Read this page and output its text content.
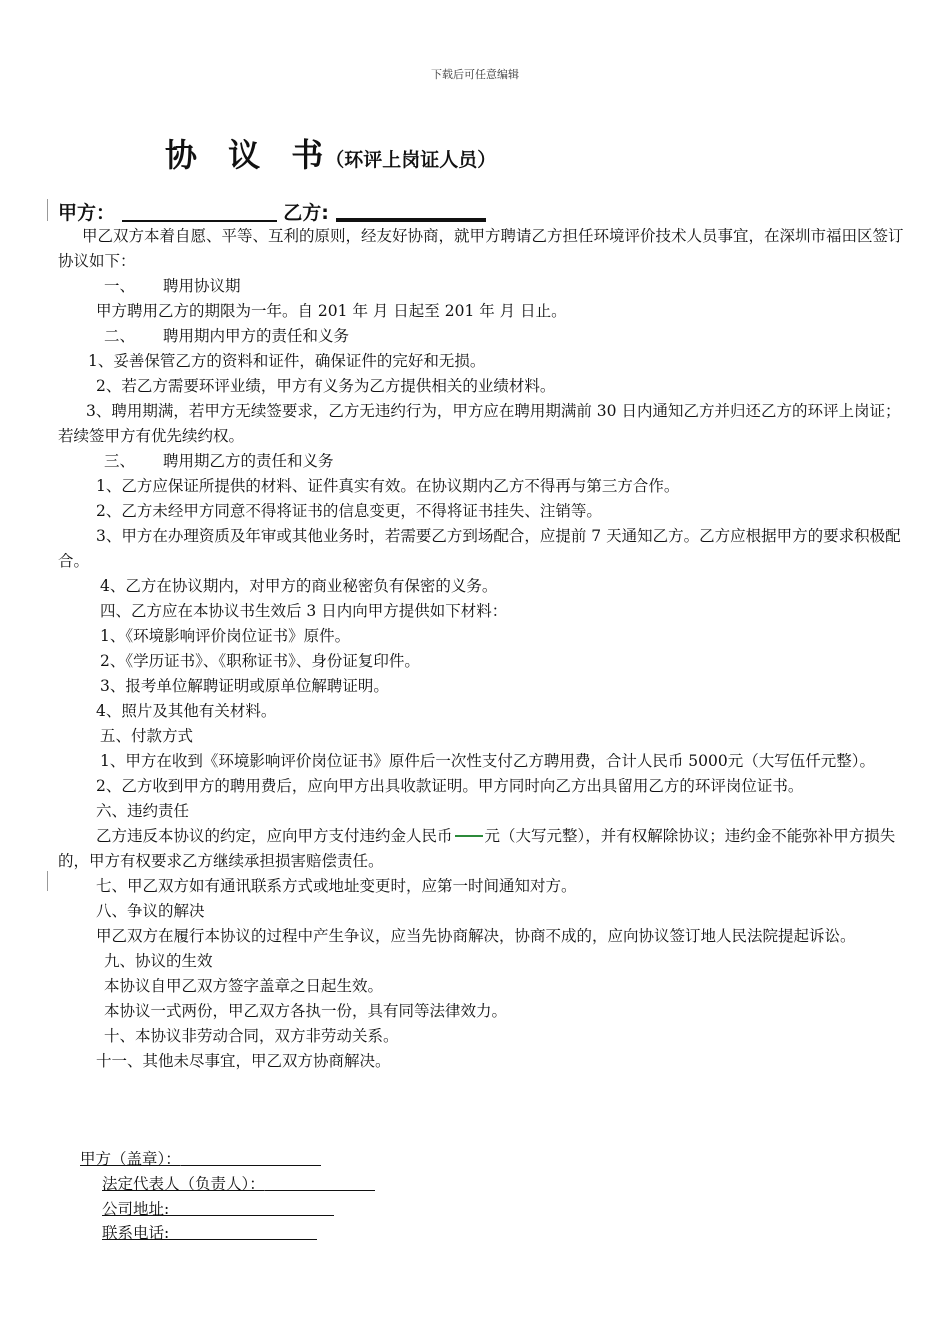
下载后可任意编辑
协 议 书（环评上岗证人员）
甲方：	乙方:

甲乙双方本着自愿、平等、互利的原则，经友好协商，就甲方聘请乙方担任环境评价技术人员事宜，在深圳市福田区签订协议如下：

一、 聘用协议期

甲方聘用乙方的期限为一年。自 201 年 月 日起至 201 年 月 日止。

二、 聘用期内甲方的责任和义务

1、妥善保管乙方的资料和证件，确保证件的完好和无损。

2、若乙方需要环评业绩，甲方有义务为乙方提供相关的业绩材料。

3、聘用期满，若甲方无续签要求，乙方无违约行为，甲方应在聘用期满前 30 日内通知乙方并归还乙方的环评上岗证；若续签甲方有优先续约权。

三、 聘用期乙方的责任和义务

1、乙方应保证所提供的材料、证件真实有效。在协议期内乙方不得再与第三方合作。

2、乙方未经甲方同意不得将证书的信息变更，不得将证书挂失、注销等。

3、甲方在办理资质及年审或其他业务时，若需要乙方到场配合，应提前 7 天通知乙方。乙方应根据甲方的要求积极配合。

4、乙方在协议期内，对甲方的商业秘密负有保密的义务。

四、乙方应在本协议书生效后 3 日内向甲方提供如下材料：

1、《环境影响评价岗位证书》原件。

2、《学历证书》、《职称证书》、身份证复印件。

3、报考单位解聘证明或原单位解聘证明。

4、照片及其他有关材料。

五、付款方式

1、甲方在收到《环境影响评价岗位证书》原件后一次性支付乙方聘用费，合计人民币 5000元（大写伍仟元整）。

2、乙方收到甲方的聘用费后，应向甲方出具收款证明。甲方同时向乙方出具留用乙方的环评岗位证书。

六、违约责任

乙方违反本协议的约定，应向甲方支付违约金人民币 元（大写元整），并有权解除协议；违约金不能弥补甲方损失的，甲方有权要求乙方继续承担损害赔偿责任。

七、甲乙双方如有通讯联系方式或地址变更时，应第一时间通知对方。

八、争议的解决

甲乙双方在履行本协议的过程中产生争议，应当先协商解决，协商不成的，应向协议签订地人民法院提起诉讼。

九、协议的生效

本协议自甲乙双方签字盖章之日起生效。

本协议一式两份，甲乙双方各执一份，具有同等法律效力。

十、本协议非劳动合同，双方非劳动关系。

十一、其他未尽事宜，甲乙双方协商解决。

甲方（盖章）：
法定代表人（负责人）：
公司地址:
联系电话:
